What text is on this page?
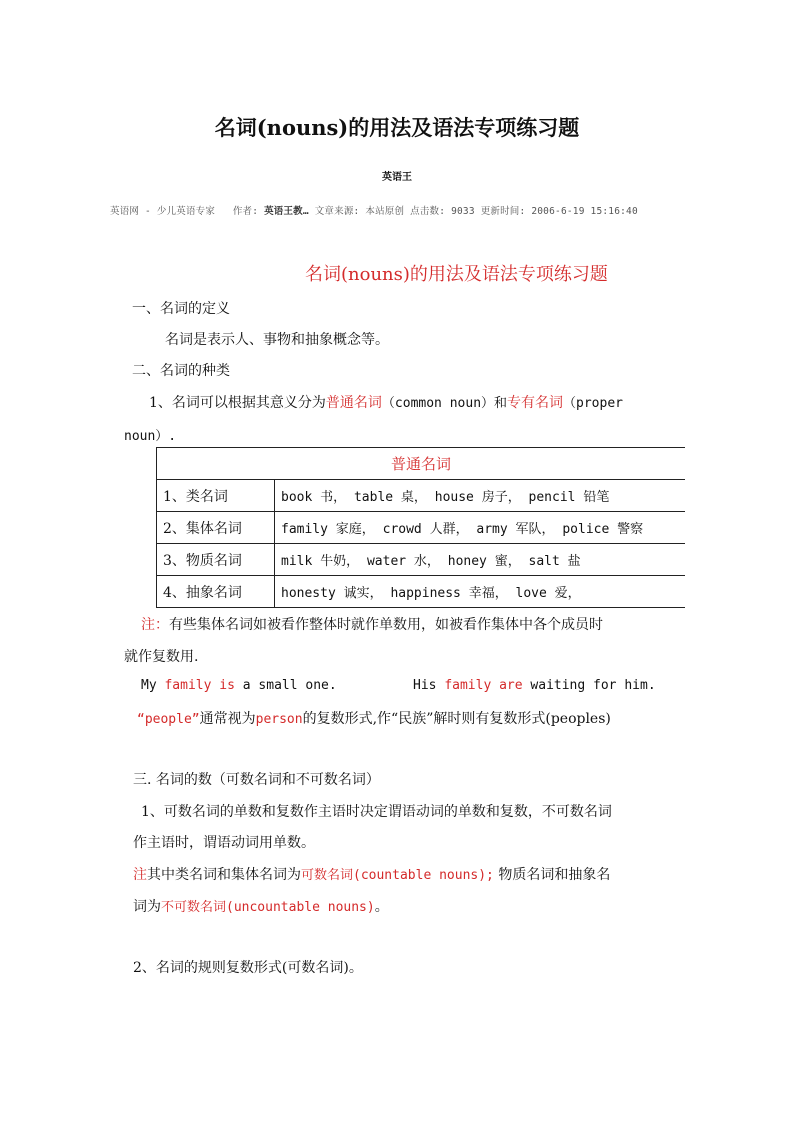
名词(nouns)的用法及语法专项练习题
英语王
英语网 - 少儿英语专家 作者: 英语王教… 文章来源: 本站原创 点击数: 9033 更新时间: 2006-6-19 15:16:40
名词(nouns)的用法及语法专项练习题
一、名词的定义
名词是表示人、事物和抽象概念等。
二、名词的种类
1、名词可以根据其意义分为普通名词（common noun）和专有名词（proper
noun）.
普通名词	
1、类名词	book 书， table 桌， house 房子， pencil 铅笔
2、集体名词	family 家庭， crowd 人群， army 军队， police 警察
3、物质名词	milk 牛奶， water 水， honey 蜜， salt 盐
4、抽象名词	honesty 诚实， happiness 幸福， love 爱，
注：有些集体名词如被看作整体时就作单数用，如被看作集体中各个成员时
就作复数用.
My family is a small one.	His family are waiting for him.
“people”通常视为person的复数形式,作“民族”解时则有复数形式(peoples)
三. 名词的数（可数名词和不可数名词）
1、可数名词的单数和复数作主语时决定谓语动词的单数和复数，不可数名词
作主语时，谓语动词用单数。
注其中类名词和集体名词为可数名词(countable nouns); 物质名词和抽象名
词为不可数名词(uncountable nouns)。
2、名词的规则复数形式(可数名词)。
